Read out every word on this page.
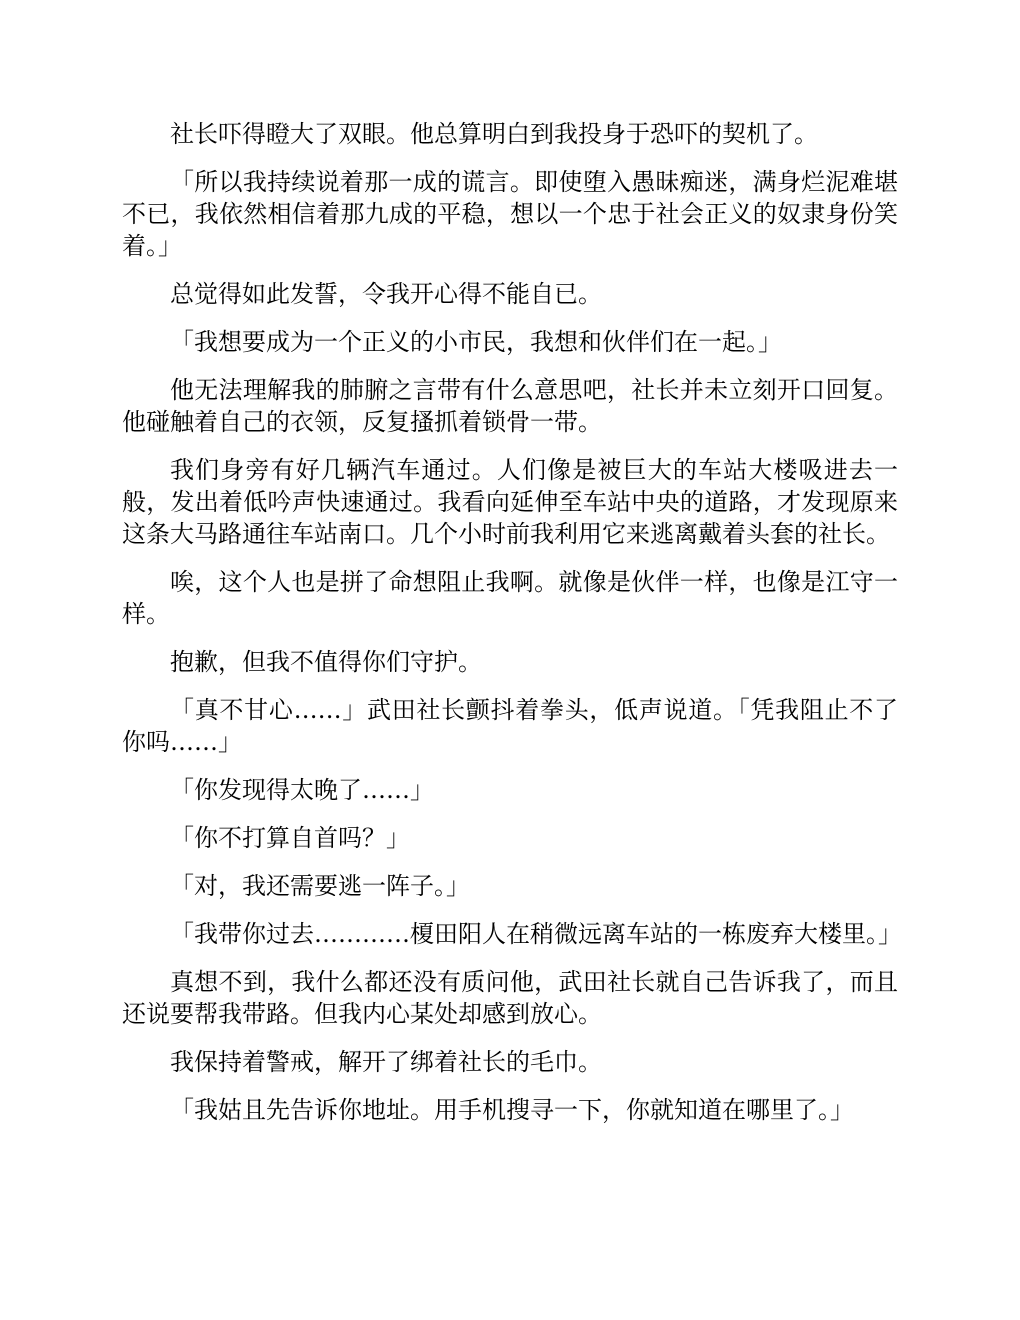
社长吓得瞪大了双眼。他总算明白到我投身于恐吓的契机了。

「所以我持续说着那一成的谎言。即使堕入愚昧痴迷，满身烂泥难堪不已，我依然相信着那九成的平稳，想以一个忠于社会正义的奴隶身份笑着。」

总觉得如此发誓，令我开心得不能自已。

「我想要成为一个正义的小市民，我想和伙伴们在一起。」

他无法理解我的肺腑之言带有什么意思吧，社长并未立刻开口回复。他碰触着自己的衣领，反复搔抓着锁骨一带。

我们身旁有好几辆汽车通过。人们像是被巨大的车站大楼吸进去一般，发出着低吟声快速通过。我看向延伸至车站中央的道路，才发现原来这条大马路通往车站南口。几个小时前我利用它来逃离戴着头套的社长。

唉，这个人也是拼了命想阻止我啊。就像是伙伴一样，也像是江守一样。

抱歉，但我不值得你们守护。

「真不甘心……」武田社长颤抖着拳头，低声说道。「凭我阻止不了你吗……」

「你发现得太晚了……」

「你不打算自首吗？」

「对，我还需要逃一阵子。」

「我带你过去…………榎田阳人在稍微远离车站的一栋废弃大楼里。」

真想不到，我什么都还没有质问他，武田社长就自己告诉我了，而且还说要帮我带路。但我内心某处却感到放心。

我保持着警戒，解开了绑着社长的毛巾。

「我姑且先告诉你地址。用手机搜寻一下，你就知道在哪里了。」
